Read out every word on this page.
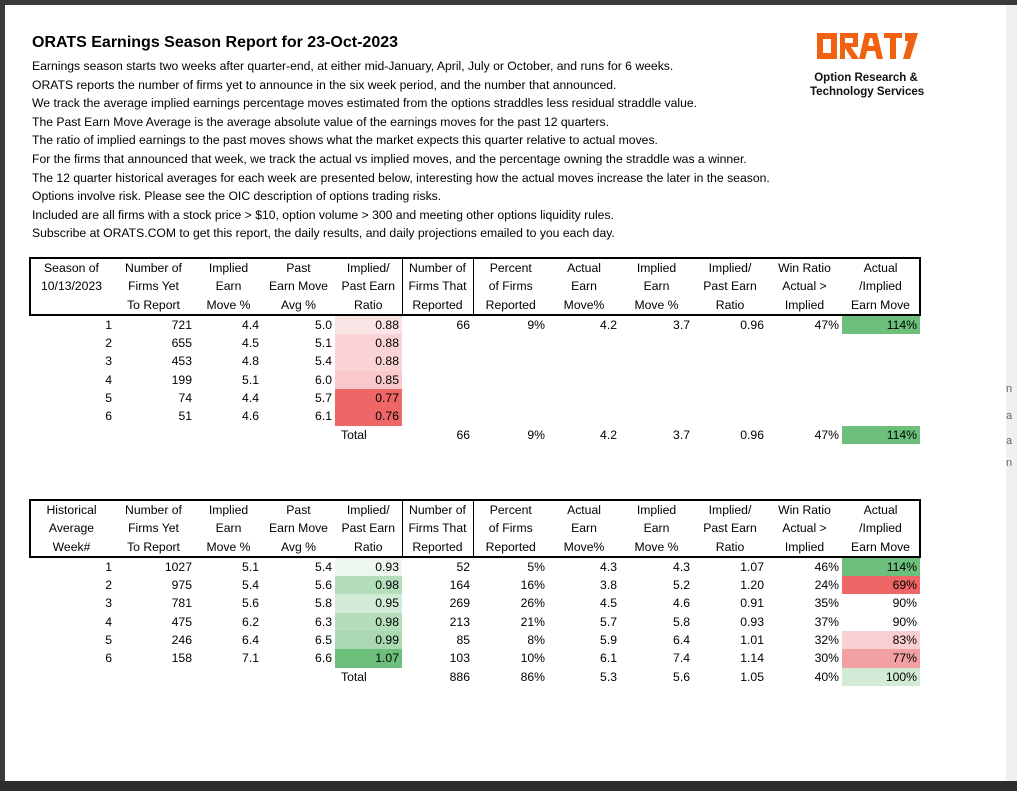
ORATS Earnings Season Report for 23-Oct-2023
Earnings season starts two weeks after quarter-end, at either mid-January, April, July or October, and runs for 6 weeks.
ORATS reports the number of firms yet to announce in the six week period, and the number that announced.
We track the average implied earnings percentage moves estimated from the options straddles less residual straddle value.
The Past Earn Move Average is the average absolute value of the earnings moves for the past 12 quarters.
The ratio of implied earnings to the past moves shows what the market expects this quarter relative to actual moves.
For the firms that announced that week, we track the actual vs implied moves, and the percentage owning the straddle was a winner.
The 12 quarter historical averages for each week are presented below, interesting how the actual moves increase the later in the season.
Options involve risk. Please see the OIC description of options trading risks.
Included are all firms with a stock price > $10, option volume > 300 and meeting other options liquidity rules.
Subscribe at ORATS.COM to get this report, the daily results, and daily projections emailed to you each day.
Option Research &
Technology Services
Season of	Number of	Implied	Past	Implied/	Number of	Percent	Actual	Implied	Implied/	Win Ratio	Actual
10/13/2023	Firms Yet	Earn	Earn Move	Past Earn	Firms That	of Firms	Earn	Earn	Past Earn	Actual >	/Implied
	To Report	Move %	Avg %	Ratio	Reported	Reported	Move%	Move %	Ratio	Implied	Earn Move
1	721	4.4	5.0	0.88	66	9%	4.2	3.7	0.96	47%	114%
2	655	4.5	5.1	0.88							
3	453	4.8	5.4	0.88							
4	199	5.1	6.0	0.85							
5	74	4.4	5.7	0.77							
6	51	4.6	6.1	0.76							
				Total	66	9%	4.2	3.7	0.96	47%	114%
Historical	Number of	Implied	Past	Implied/	Number of	Percent	Actual	Implied	Implied/	Win Ratio	Actual
Average	Firms Yet	Earn	Earn Move	Past Earn	Firms That	of Firms	Earn	Earn	Past Earn	Actual >	/Implied
Week#	To Report	Move %	Avg %	Ratio	Reported	Reported	Move%	Move %	Ratio	Implied	Earn Move
1	1027	5.1	5.4	0.93	52	5%	4.3	4.3	1.07	46%	114%
2	975	5.4	5.6	0.98	164	16%	3.8	5.2	1.20	24%	69%
3	781	5.6	5.8	0.95	269	26%	4.5	4.6	0.91	35%	90%
4	475	6.2	6.3	0.98	213	21%	5.7	5.8	0.93	37%	90%
5	246	6.4	6.5	0.99	85	8%	5.9	6.4	1.01	32%	83%
6	158	7.1	6.6	1.07	103	10%	6.1	7.4	1.14	30%	77%
				Total	886	86%	5.3	5.6	1.05	40%	100%
n
a
a
n
